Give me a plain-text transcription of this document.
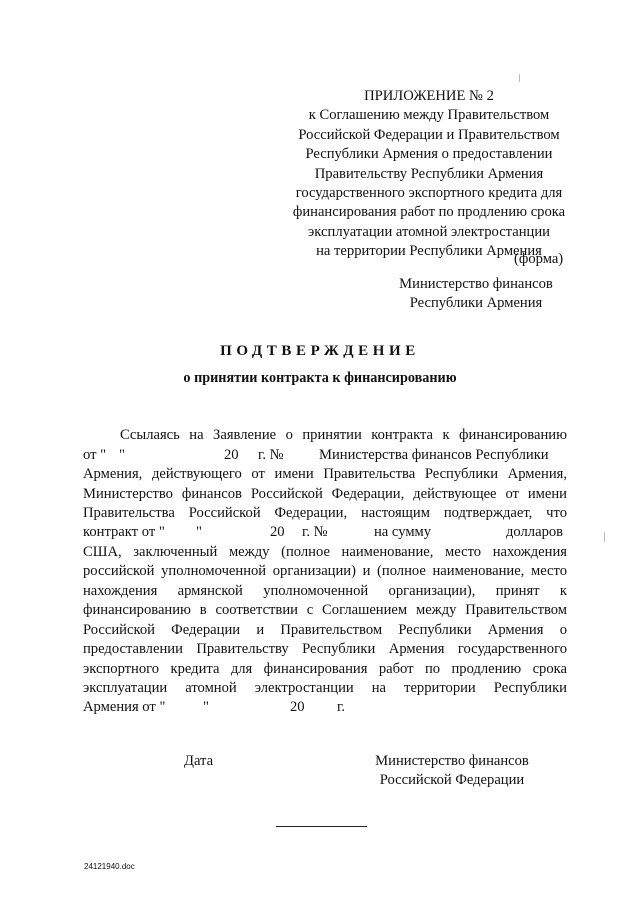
ПРИЛОЖЕНИЕ № 2
к Соглашению между Правительством
Российской Федерации и Правительством
Республики Армения о предоставлении
Правительству Республики Армения
государственного экспортного кредита для
финансирования работ по продлению срока
эксплуатации атомной электростанции
на территории Республики Армения
(форма)
Министерство финансов
Республики Армения
ПОДТВЕРЖДЕНИЕ
о принятии контракта к финансированию
Ссылаясь на Заявление о принятии контракта к финансированию
от " "	20 г. № Министерства финансов Республики
Армения, действующего от имени Правительства Республики Армения,
Министерство финансов Российской Федерации, действующее от имени
Правительства Российской Федерации, настоящим подтверждает, что
контракт от " "	20 г. №	на сумму	долларов
США, заключенный между (полное наименование, место нахождения
российской уполномоченной организации) и (полное наименование, место
нахождения армянской уполномоченной организации), принят к
финансированию в соответствии с Соглашением между Правительством
Российской Федерации и Правительством Республики Армения о
предоставлении Правительству Республики Армения государственного
экспортного кредита для финансирования работ по продлению срока
эксплуатации атомной электростанции на территории Республики
Армения от "	"	20 г.
Дата	Министерство финансов
Российской Федерации
24121940.doc
